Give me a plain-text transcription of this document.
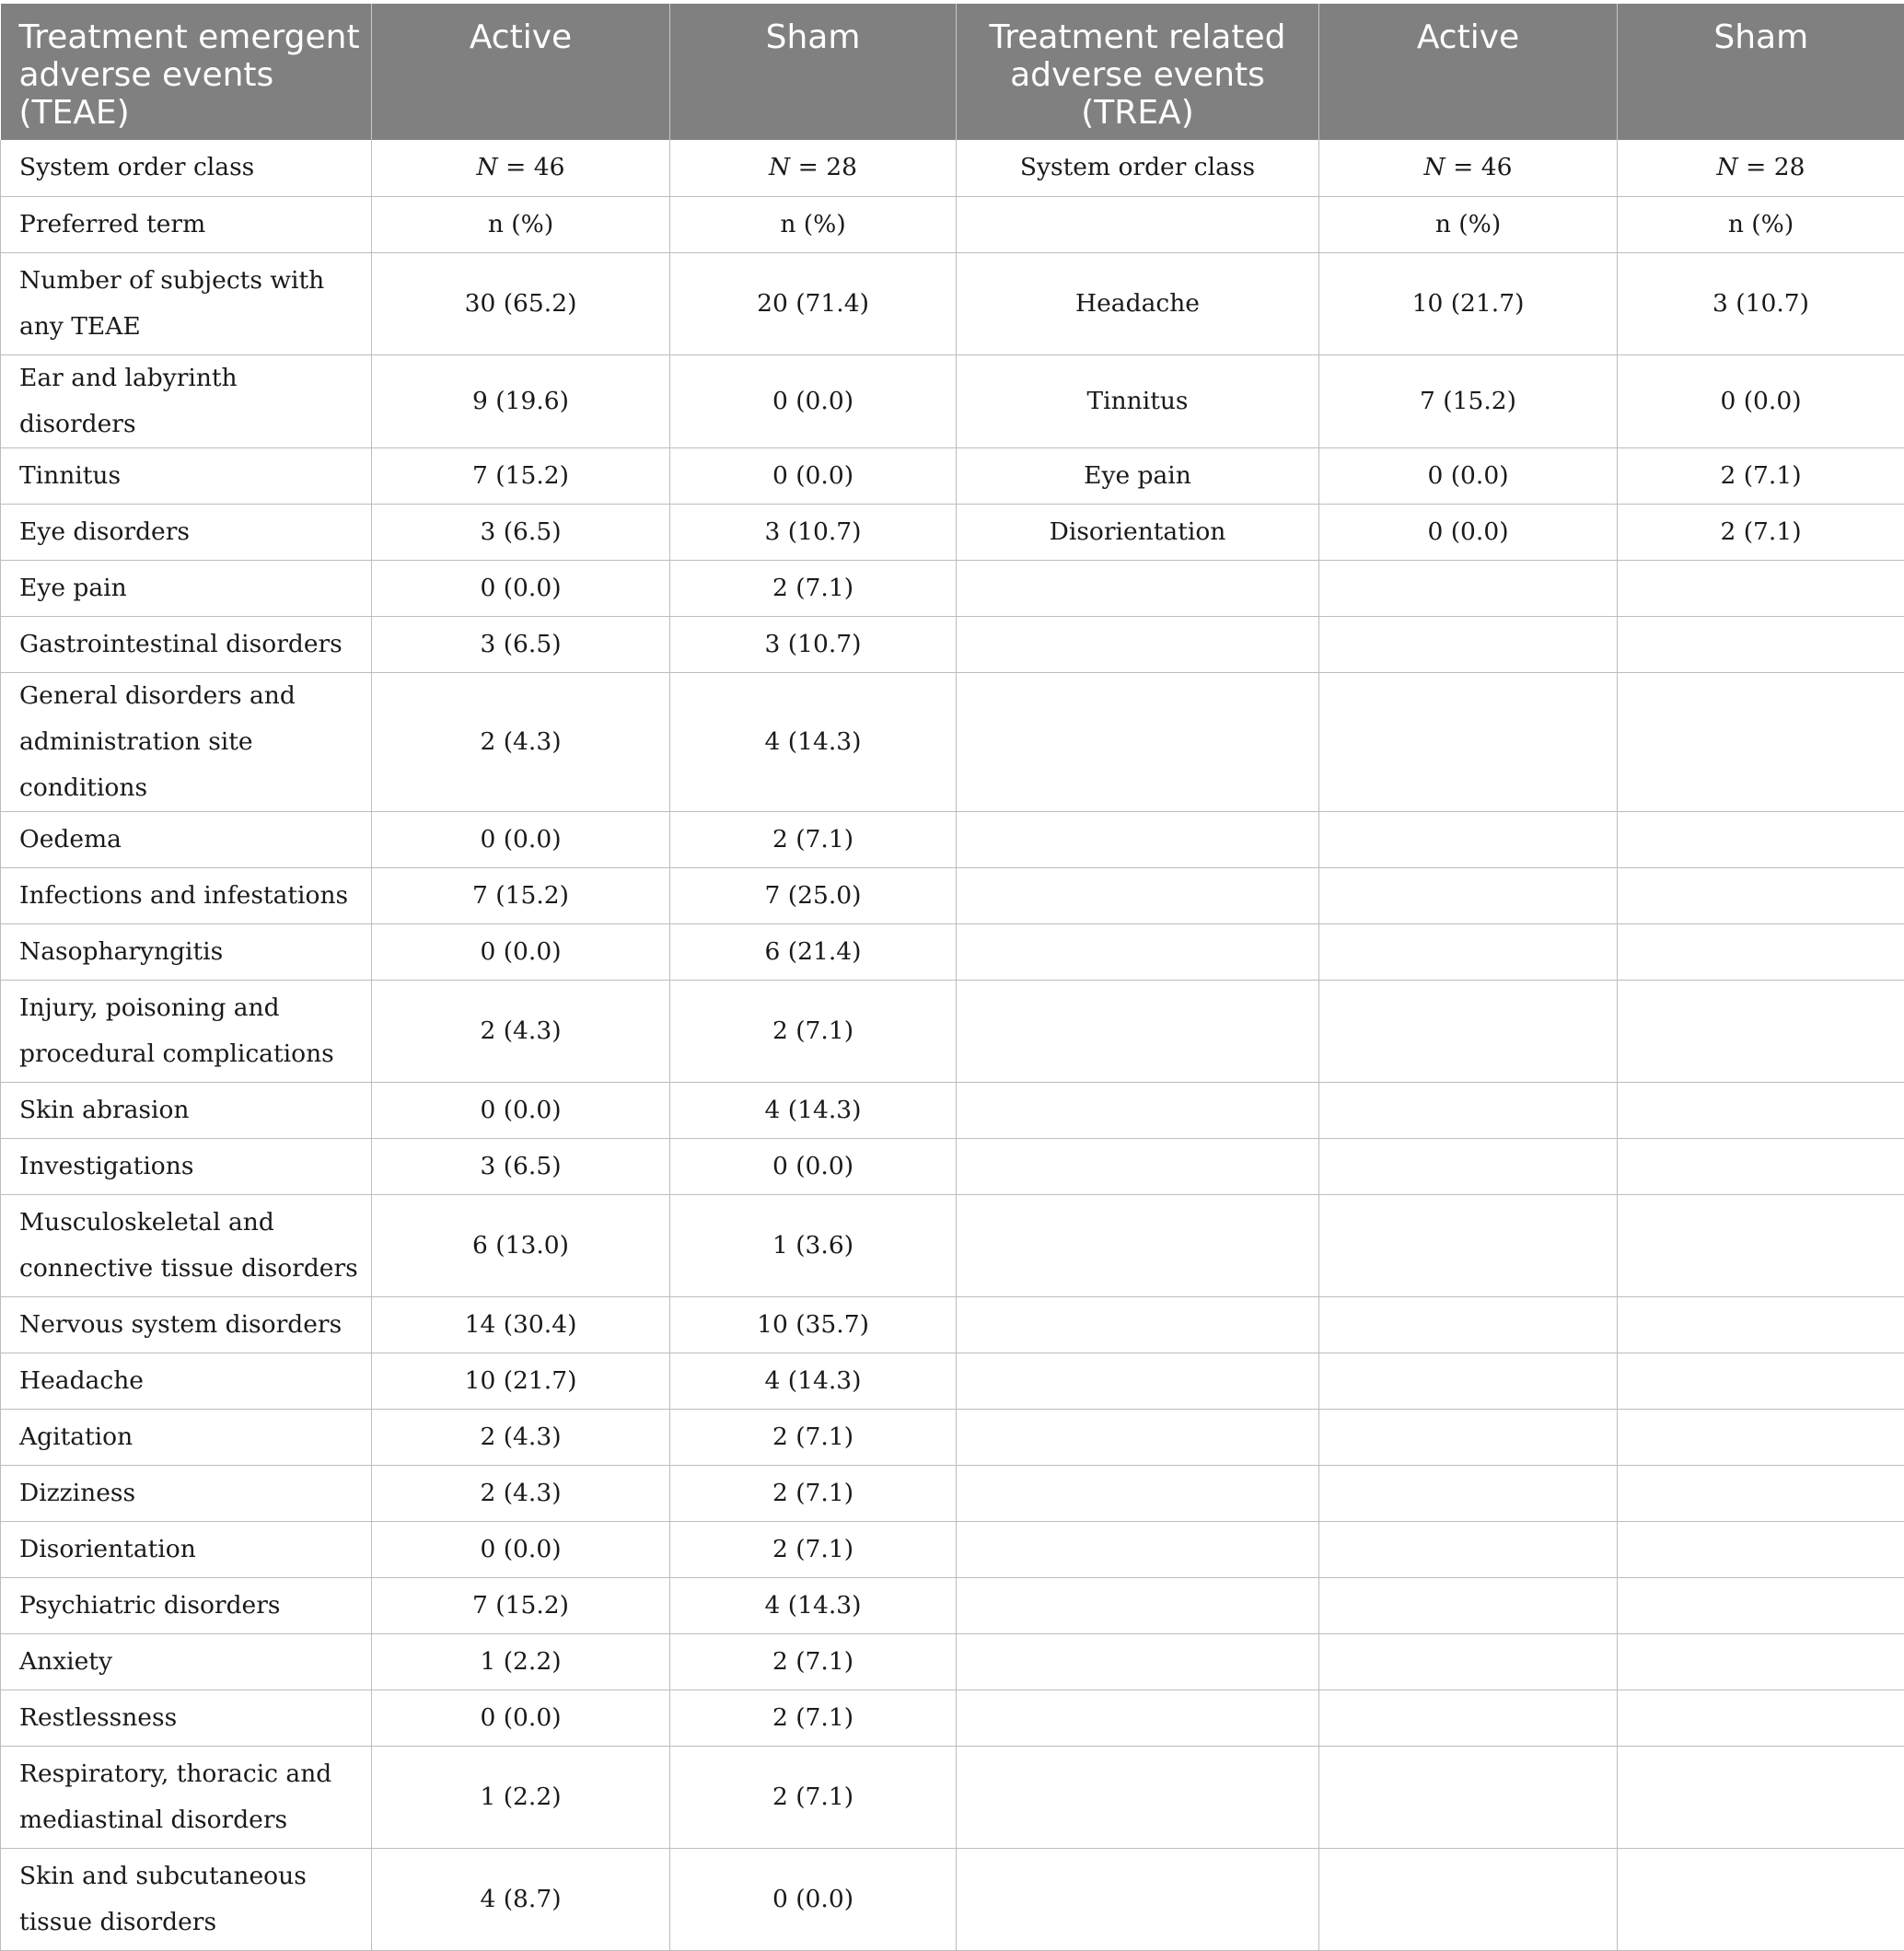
Treatment emergent adverse events (TEAE)	Active	Sham	Treatment related adverse events (TREA)	Active	Sham
System order class	N = 46	N = 28	System order class	N = 46	N = 28
Preferred term	n (%)	n (%)		n (%)	n (%)
Number of subjects with any TEAE	30 (65.2)	20 (71.4)	Headache	10 (21.7)	3 (10.7)
Ear and labyrinth disorders	9 (19.6)	0 (0.0)	Tinnitus	7 (15.2)	0 (0.0)
Tinnitus	7 (15.2)	0 (0.0)	Eye pain	0 (0.0)	2 (7.1)
Eye disorders	3 (6.5)	3 (10.7)	Disorientation	0 (0.0)	2 (7.1)
Eye pain	0 (0.0)	2 (7.1)			
Gastrointestinal disorders	3 (6.5)	3 (10.7)			
General disorders and administration site conditions	2 (4.3)	4 (14.3)			
Oedema	0 (0.0)	2 (7.1)			
Infections and infestations	7 (15.2)	7 (25.0)			
Nasopharyngitis	0 (0.0)	6 (21.4)			
Injury, poisoning and procedural complications	2 (4.3)	2 (7.1)			
Skin abrasion	0 (0.0)	4 (14.3)			
Investigations	3 (6.5)	0 (0.0)			
Musculoskeletal and connective tissue disorders	6 (13.0)	1 (3.6)			
Nervous system disorders	14 (30.4)	10 (35.7)			
Headache	10 (21.7)	4 (14.3)			
Agitation	2 (4.3)	2 (7.1)			
Dizziness	2 (4.3)	2 (7.1)			
Disorientation	0 (0.0)	2 (7.1)			
Psychiatric disorders	7 (15.2)	4 (14.3)			
Anxiety	1 (2.2)	2 (7.1)			
Restlessness	0 (0.0)	2 (7.1)			
Respiratory, thoracic and mediastinal disorders	1 (2.2)	2 (7.1)			
Skin and subcutaneous tissue disorders	4 (8.7)	0 (0.0)			
